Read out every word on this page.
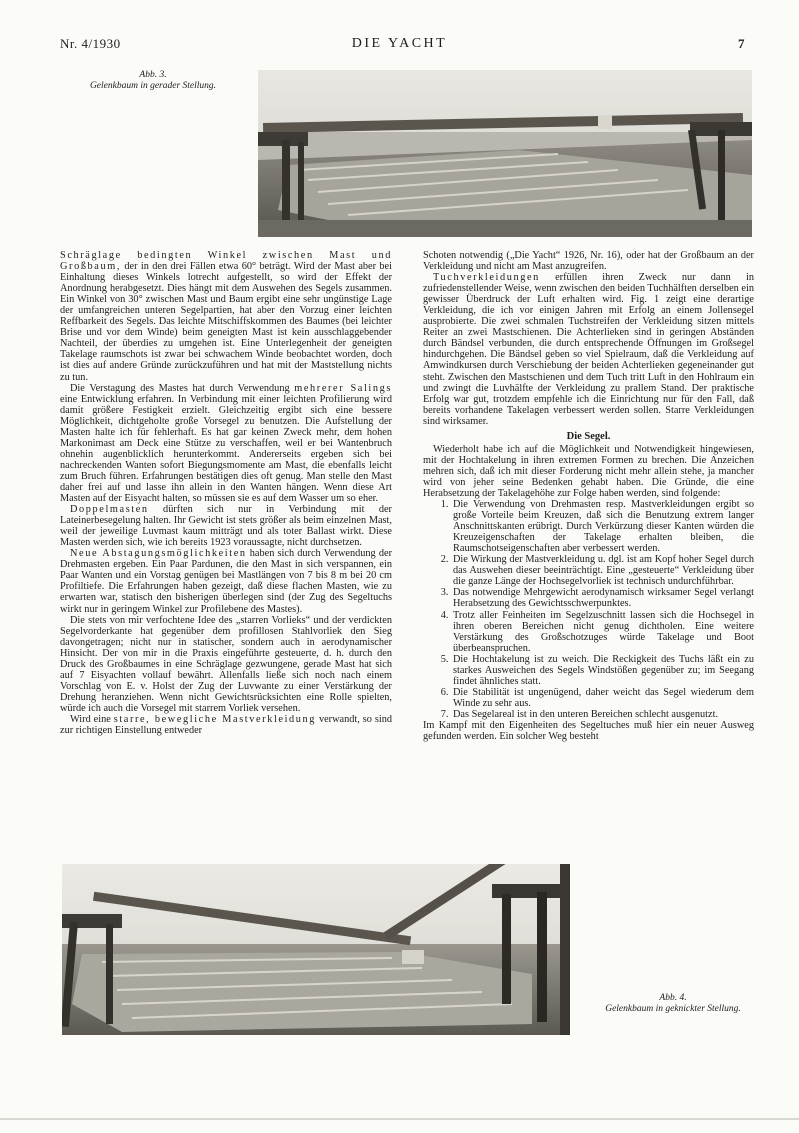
Nr. 4/1930	DIE YACHT	7
Abb. 3.
Gelenkbaum in gerader Stellung.

Schräglage bedingten Winkel zwischen Mast und Großbaum, der in den drei Fällen etwa 60° beträgt. Wird der Mast aber bei Einhaltung dieses Winkels lotrecht aufgestellt, so wird der Effekt der Anordnung herabgesetzt. Dies hängt mit dem Auswehen des Segels zusammen. Ein Winkel von 30° zwischen Mast und Baum ergibt eine sehr ungünstige Lage der umfangreichen unteren Segelpartien, hat aber den Vorzug einer leichten Reffbarkeit des Segels. Das leichte Mitschiffskommen des Baumes (bei leichter Brise und vor dem Winde) beim geneigten Mast ist kein ausschlaggebender Nachteil, der überdies zu umgehen ist. Eine Unterlegenheit der geneigten Takelage raumschots ist zwar bei schwachem Winde beobachtet worden, doch ist dies auf andere Gründe zurückzuführen und hat mit der Maststellung nichts zu tun.

Die Verstagung des Mastes hat durch Verwendung mehrerer Salings eine Entwicklung erfahren. In Verbindung mit einer leichten Profilierung wird damit größere Festigkeit erzielt. Gleichzeitig ergibt sich eine bessere Möglichkeit, dichtgeholte große Vorsegel zu benutzen. Die Aufstellung der Masten halte ich für fehlerhaft. Es hat gar keinen Zweck mehr, dem hohen Markonimast am Deck eine Stütze zu verschaffen, weil er bei Wantenbruch ohnehin augenblicklich herunterkommt. Andererseits ergeben sich bei nachreckenden Wanten sofort Biegungsmomente am Mast, die ebenfalls leicht zum Bruch führen. Erfahrungen bestätigen dies oft genug. Man stelle den Mast daher frei auf und lasse ihn allein in den Wanten hängen. Wenn diese Art Masten auf der Eisyacht halten, so müssen sie es auf dem Wasser um so eher.

Doppelmasten dürften sich nur in Verbindung mit der Lateinerbesegelung halten. Ihr Gewicht ist stets größer als beim einzelnen Mast, weil der jeweilige Luvmast kaum mitträgt und als toter Ballast wirkt. Diese Masten werden sich, wie ich bereits 1923 voraussagte, nicht durchsetzen.

Neue Abstagungsmöglichkeiten haben sich durch Verwendung der Drehmasten ergeben. Ein Paar Pardunen, die den Mast in sich verspannen, ein Paar Wanten und ein Vorstag genügen bei Mastlängen von 7 bis 8 m bei 20 cm Profiltiefe. Die Erfahrungen haben gezeigt, daß diese flachen Masten, wie zu erwarten war, statisch den bisherigen überlegen sind (der Zug des Segeltuchs wirkt nur in geringem Winkel zur Profilebene des Mastes).

Die stets von mir verfochtene Idee des „starren Vorlieks“ und der verdickten Segelvorderkante hat gegenüber dem profillosen Stahlvorliek den Sieg davongetragen; nicht nur in statischer, sondern auch in aerodynamischer Hinsicht. Der von mir in die Praxis eingeführte gesteuerte, d. h. durch den Druck des Großbaumes in eine Schräglage gezwungene, gerade Mast hat sich auf 7 Eisyachten vollauf bewährt. Allenfalls ließe sich noch nach einem Vorschlag von E. v. Holst der Zug der Luvwante zu einer Verstärkung der Drehung heranziehen. Wenn nicht Gewichtsrücksichten eine Rolle spielten, würde ich auch die Vorsegel mit starrem Vorliek versehen.

Wird eine starre, bewegliche Mastverkleidung verwandt, so sind zur richtigen Einstellung entweder

Schoten notwendig („Die Yacht“ 1926, Nr. 16), oder hat der Großbaum an der Verkleidung und nicht am Mast anzugreifen.

Tuchverkleidungen erfüllen ihren Zweck nur dann in zufriedenstellender Weise, wenn zwischen den beiden Tuchhälften derselben ein gewisser Überdruck der Luft erhalten wird. Fig. 1 zeigt eine derartige Verkleidung, die ich vor einigen Jahren mit Erfolg an einem Jollensegel ausprobierte. Die zwei schmalen Tuchstreifen der Verkleidung sitzen mittels Reiter an zwei Mastschienen. Die Achterlieken sind in geringen Abständen durch Bändsel verbunden, die durch entsprechende Öffnungen im Großsegel hindurchgehen. Die Bändsel geben so viel Spielraum, daß die Verkleidung auf Amwindkursen durch Verschiebung der beiden Achterlieken gegeneinander gut steht. Zwischen den Mastschienen und dem Tuch tritt Luft in den Hohlraum ein und zwingt die Luvhälfte der Verkleidung zu prallem Stand. Der praktische Erfolg war gut, trotzdem empfehle ich die Einrichtung nur für den Fall, daß bereits vorhandene Takelagen verbessert werden sollen. Starre Verkleidungen sind wirksamer.

Die Segel.

Wiederholt habe ich auf die Möglichkeit und Notwendigkeit hingewiesen, mit der Hochtakelung in ihren extremen Formen zu brechen. Die Anzeichen mehren sich, daß ich mit dieser Forderung nicht mehr allein stehe, ja mancher wird von jeher seine Bedenken gehabt haben. Die Gründe, die eine Herabsetzung der Takelagehöhe zur Folge haben werden, sind folgende:

1. Die Verwendung von Drehmasten resp. Mastverkleidungen ergibt so große Vorteile beim Kreuzen, daß sich die Benutzung extrem langer Anschnittskanten erübrigt. Durch Verkürzung dieser Kanten würden die Kreuzeigenschaften der Takelage erhalten bleiben, die Raumschotseigenschaften aber verbessert werden.
2. Die Wirkung der Mastverkleidung u. dgl. ist am Kopf hoher Segel durch das Auswehen dieser beeinträchtigt. Eine „gesteuerte“ Verkleidung über die ganze Länge der Hochsegelvorliek ist technisch undurchführbar.
3. Das notwendige Mehrgewicht aerodynamisch wirksamer Segel verlangt Herabsetzung des Gewichtsschwerpunktes.
4. Trotz aller Feinheiten im Segelzuschnitt lassen sich die Hochsegel in ihren oberen Bereichen nicht genug dichtholen. Eine weitere Verstärkung des Großschotzuges würde Takelage und Boot überbeanspruchen.
5. Die Hochtakelung ist zu weich. Die Reckigkeit des Tuchs läßt ein zu starkes Ausweichen des Segels Windstößen gegenüber zu; im Seegang findet ähnliches statt.
6. Die Stabilität ist ungenügend, daher weicht das Segel wiederum dem Winde zu sehr aus.
7. Das Segelareal ist in den unteren Bereichen schlecht ausgenutzt.

Im Kampf mit den Eigenheiten des Segeltuches muß hier ein neuer Ausweg gefunden werden. Ein solcher Weg besteht

Abb. 4.
Gelenkbaum in geknickter Stellung.
